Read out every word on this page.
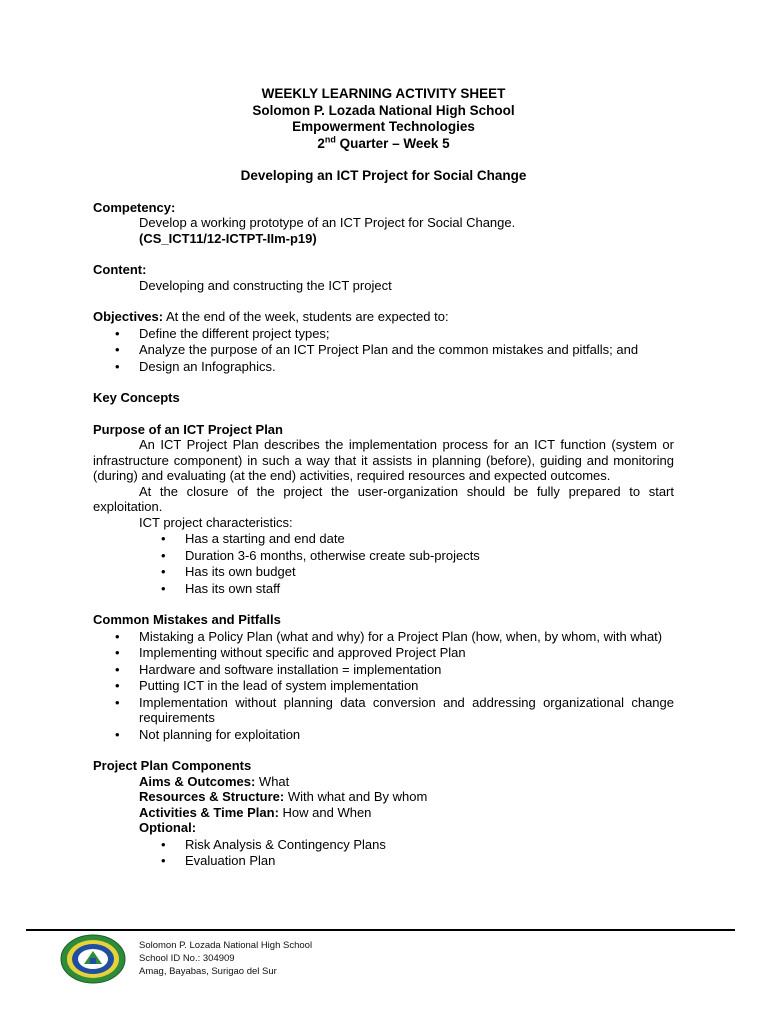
WEEKLY LEARNING ACTIVITY SHEET
Solomon P. Lozada National High School
Empowerment Technologies
2nd Quarter – Week 5
Developing an ICT Project for Social Change
Competency:
Develop a working prototype of an ICT Project for Social Change.
(CS_ICT11/12-ICTPT-IIm-p19)
Content:
Developing and constructing the ICT project
Objectives: At the end of the week, students are expected to:
• Define the different project types;
• Analyze the purpose of an ICT Project Plan and the common mistakes and pitfalls; and
• Design an Infographics.
Key Concepts
Purpose of an ICT Project Plan
An ICT Project Plan describes the implementation process for an ICT function (system or infrastructure component) in such a way that it assists in planning (before), guiding and monitoring (during) and evaluating (at the end) activities, required resources and expected outcomes.
At the closure of the project the user-organization should be fully prepared to start exploitation.
ICT project characteristics:
• Has a starting and end date
• Duration 3-6 months, otherwise create sub-projects
• Has its own budget
• Has its own staff
Common Mistakes and Pitfalls
• Mistaking a Policy Plan (what and why) for a Project Plan (how, when, by whom, with what)
• Implementing without specific and approved Project Plan
• Hardware and software installation = implementation
• Putting ICT in the lead of system implementation
• Implementation without planning data conversion and addressing organizational change requirements
• Not planning for exploitation
Project Plan Components
Aims & Outcomes: What
Resources & Structure: With what and By whom
Activities & Time Plan: How and When
Optional:
• Risk Analysis & Contingency Plans
• Evaluation Plan
Solomon P. Lozada National High School
School ID No.: 304909
Amag, Bayabas, Surigao del Sur
